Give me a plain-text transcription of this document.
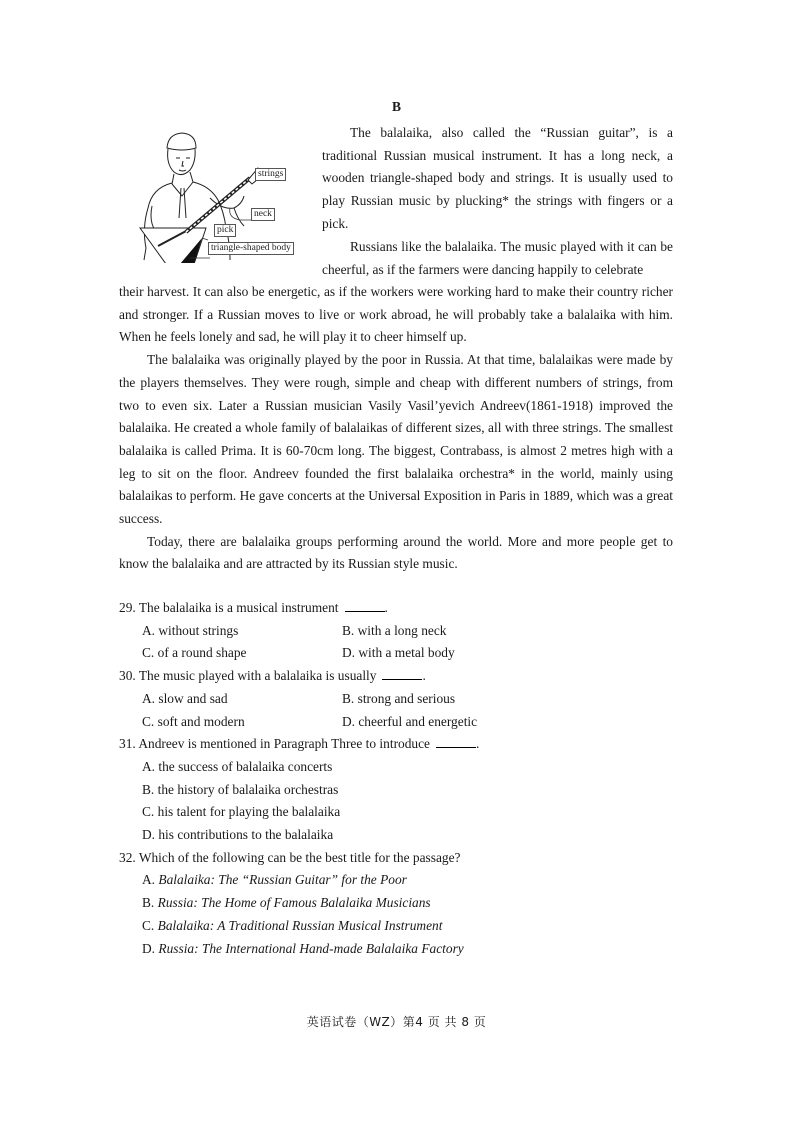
B
strings
neck
pick
triangle-shaped body

The balalaika, also called the “Russian guitar”, is a traditional Russian musical instrument. It has a long neck, a wooden triangle-shaped body and strings. It is usually used to play Russian music by plucking* the strings with fingers or a pick.

Russians like the balalaika. The music played with it can be cheerful, as if the farmers were dancing happily to celebrate

their harvest. It can also be energetic, as if the workers were working hard to make their country richer and stronger. If a Russian moves to live or work abroad, he will probably take a balalaika with him. When he feels lonely and sad, he will play it to cheer himself up.

The balalaika was originally played by the poor in Russia. At that time, balalaikas were made by the players themselves. They were rough, simple and cheap with different numbers of strings, from two to even six. Later a Russian musician Vasily Vasil’yevich Andreev(1861-1918) improved the balalaika. He created a whole family of balalaikas of different sizes, all with three strings. The smallest balalaika is called Prima. It is 60-70cm long. The biggest, Contrabass, is almost 2 metres high with a leg to sit on the floor. Andreev founded the first balalaika orchestra* in the world, mainly using balalaikas to perform. He gave concerts at the Universal Exposition in Paris in 1889, which was a great success.

Today, there are balalaika groups performing around the world. More and more people get to know the balalaika and are attracted by its Russian style music.

29. The balalaika is a musical instrument	.

A. without strings	B. with a long neck
C. of a round shape	D. with a metal body

30. The music played with a balalaika is usually	.

A. slow and sad	B. strong and serious
C. soft and modern	D. cheerful and energetic

31. Andreev is mentioned in Paragraph Three to introduce	.

A. the success of balalaika concerts
B. the history of balalaika orchestras
C. his talent for playing the balalaika
D. his contributions to the balalaika

32. Which of the following can be the best title for the passage?

A. Balalaika: The “Russian Guitar” for the Poor
B. Russia: The Home of Famous Balalaika Musicians
C. Balalaika: A Traditional Russian Musical Instrument
D. Russia: The International Hand-made Balalaika Factory
英语试卷（WZ）第4 页 共 8 页
